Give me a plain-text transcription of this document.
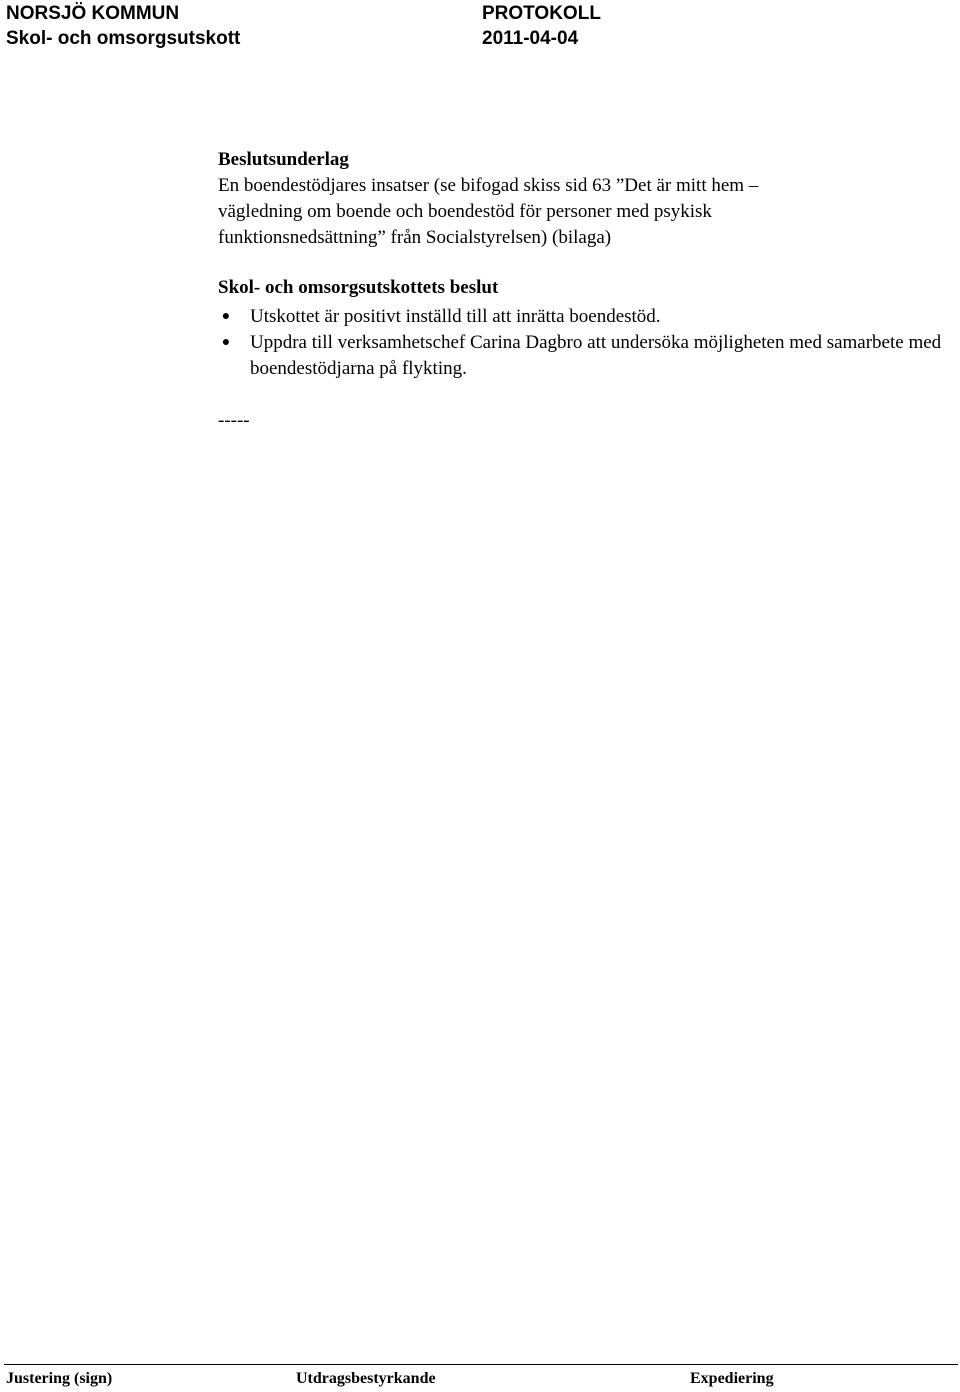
NORSJÖ KOMMUN
Skol- och omsorgsutskott
PROTOKOLL
2011-04-04
Beslutsunderlag
En boendestödjares insatser (se bifogad skiss sid 63 ”Det är mitt hem –
vägledning om boende och boendestöd för personer med psykisk
funktionsnedsättning” från Socialstyrelsen) (bilaga)
Skol- och omsorgsutskottets beslut
●	Utskottet är positivt inställd till att inrätta boendestöd.
●	Uppdra till verksamhetschef Carina Dagbro att undersöka möjligheten med samarbete med boendestödjarna på flykting.
-----
Justering (sign)	Utdragsbestyrkande	Expediering
